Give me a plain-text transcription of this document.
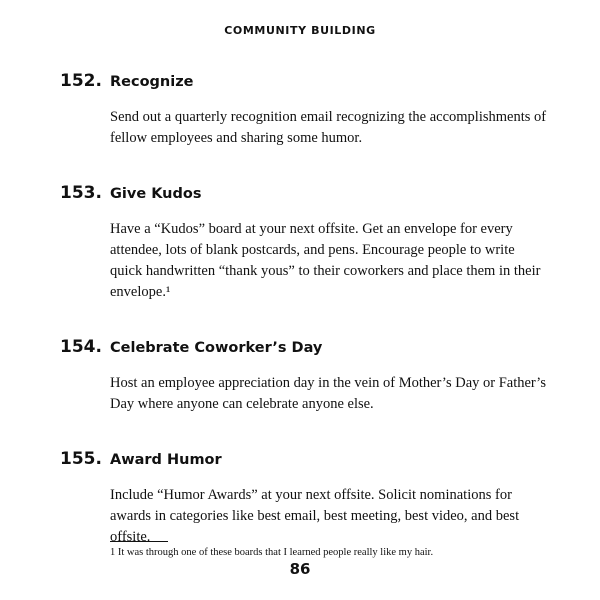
COMMUNITY BUILDING
152. Recognize

Send out a quarterly recognition email recognizing the accomplishments of fellow employees and sharing some humor.

153. Give Kudos

Have a “Kudos” board at your next offsite. Get an envelope for every attendee, lots of blank postcards, and pens. Encourage people to write quick handwritten “thank yous” to their coworkers and place them in their envelope.¹

154. Celebrate Coworker’s Day

Host an employee appreciation day in the vein of Mother’s Day or Father’s Day where anyone can celebrate anyone else.

155. Award Humor

Include “Humor Awards” at your next offsite. Solicit nominations for awards in categories like best email, best meeting, best video, and best offsite.

1 It was through one of these boards that I learned people really like my hair.
86
